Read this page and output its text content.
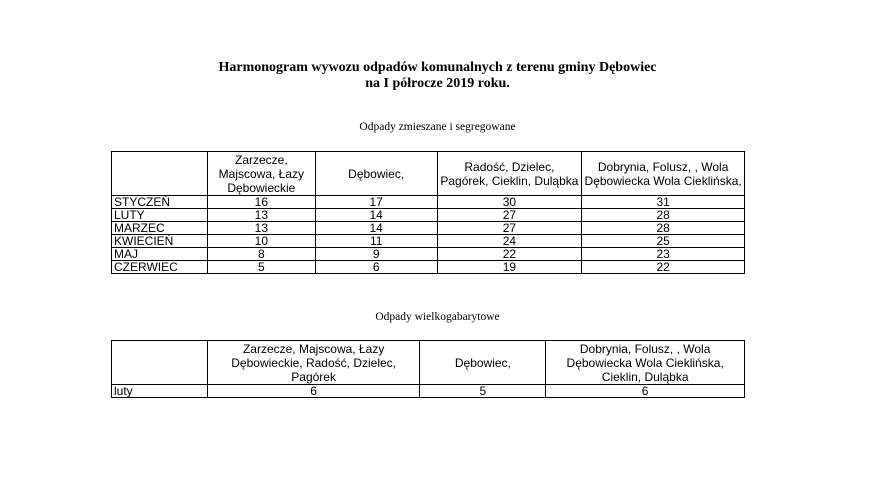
Harmonogram wywozu odpadów komunalnych z terenu gminy Dębowiec
na I półrocze 2019 roku.
Odpady zmieszane i segregowane
	Zarzecze, Majscowa, Łazy Dębowieckie	Dębowiec,	Radość, Dzielec, Pagórek, Cieklin, Duląbka	Dobrynia, Folusz, , Wola Dębowiecka Wola Cieklińska,
STYCZEŃ	16	17	30	31
LUTY	13	14	27	28
MARZEC	13	14	27	28
KWIECIEŃ	10	11	24	25
MAJ	8	9	22	23
CZERWIEC	5	6	19	22
Odpady wielkogabarytowe
	Zarzecze, Majscowa, Łazy Dębowieckie, Radość, Dzielec, Pagórek	Dębowiec,	Dobrynia, Folusz, , Wola Dębowiecka Wola Cieklińska, Cieklin, Duląbka
luty	6	5	6
